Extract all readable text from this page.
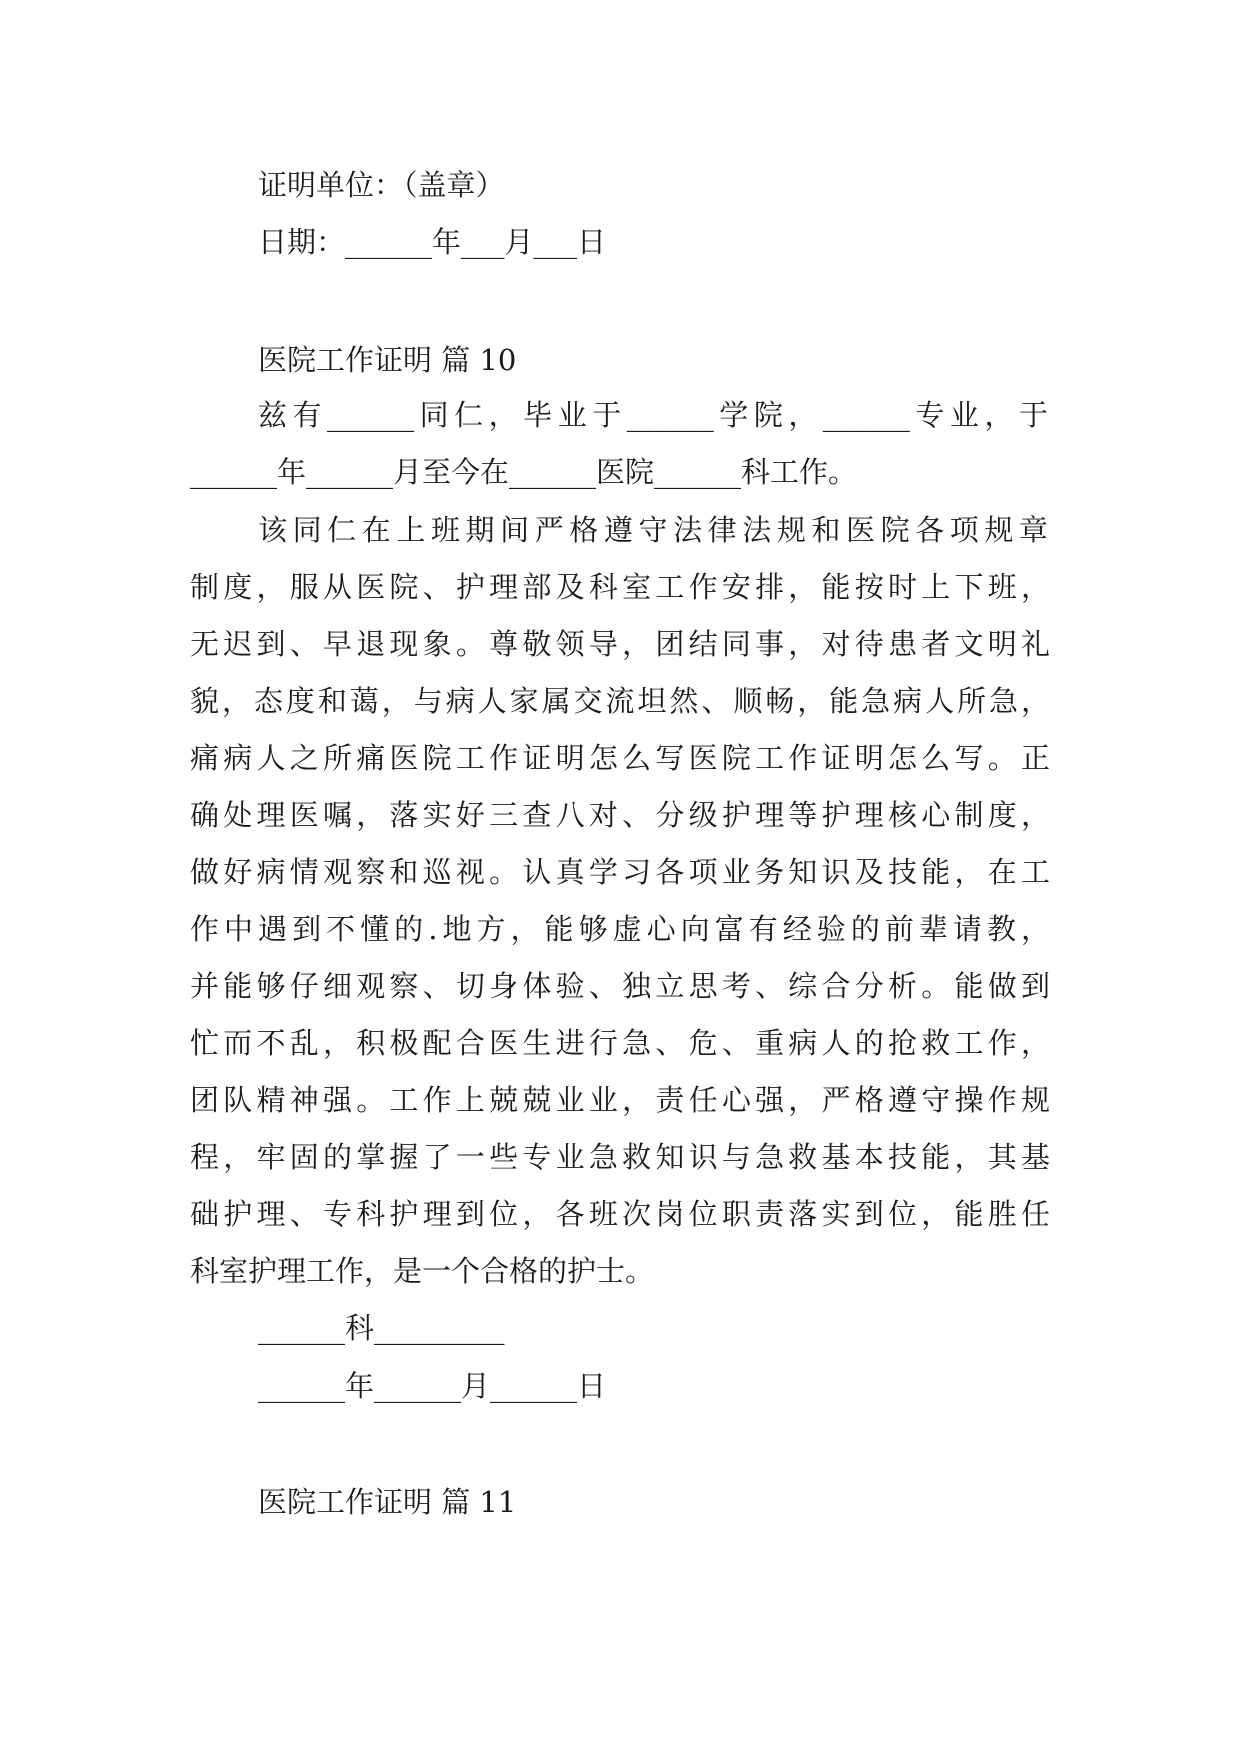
证明单位：（盖章）
日期：______年___月___日
医院工作证明 篇 10
兹有______同仁，毕业于______学院，______专业，于
______年______月至今在______医院______科工作。
该同仁在上班期间严格遵守法律法规和医院各项规章
制度，服从医院、护理部及科室工作安排，能按时上下班，
无迟到、早退现象。尊敬领导，团结同事，对待患者文明礼
貌，态度和蔼，与病人家属交流坦然、顺畅，能急病人所急，
痛病人之所痛医院工作证明怎么写医院工作证明怎么写。正
确处理医嘱，落实好三查八对、分级护理等护理核心制度，
做好病情观察和巡视。认真学习各项业务知识及技能，在工
作中遇到不懂的.地方，能够虚心向富有经验的前辈请教，
并能够仔细观察、切身体验、独立思考、综合分析。能做到
忙而不乱，积极配合医生进行急、危、重病人的抢救工作，
团队精神强。工作上兢兢业业，责任心强，严格遵守操作规
程，牢固的掌握了一些专业急救知识与急救基本技能，其基
础护理、专科护理到位，各班次岗位职责落实到位，能胜任
科室护理工作，是一个合格的护士。
______科_________
______年______月______日
医院工作证明 篇 11
